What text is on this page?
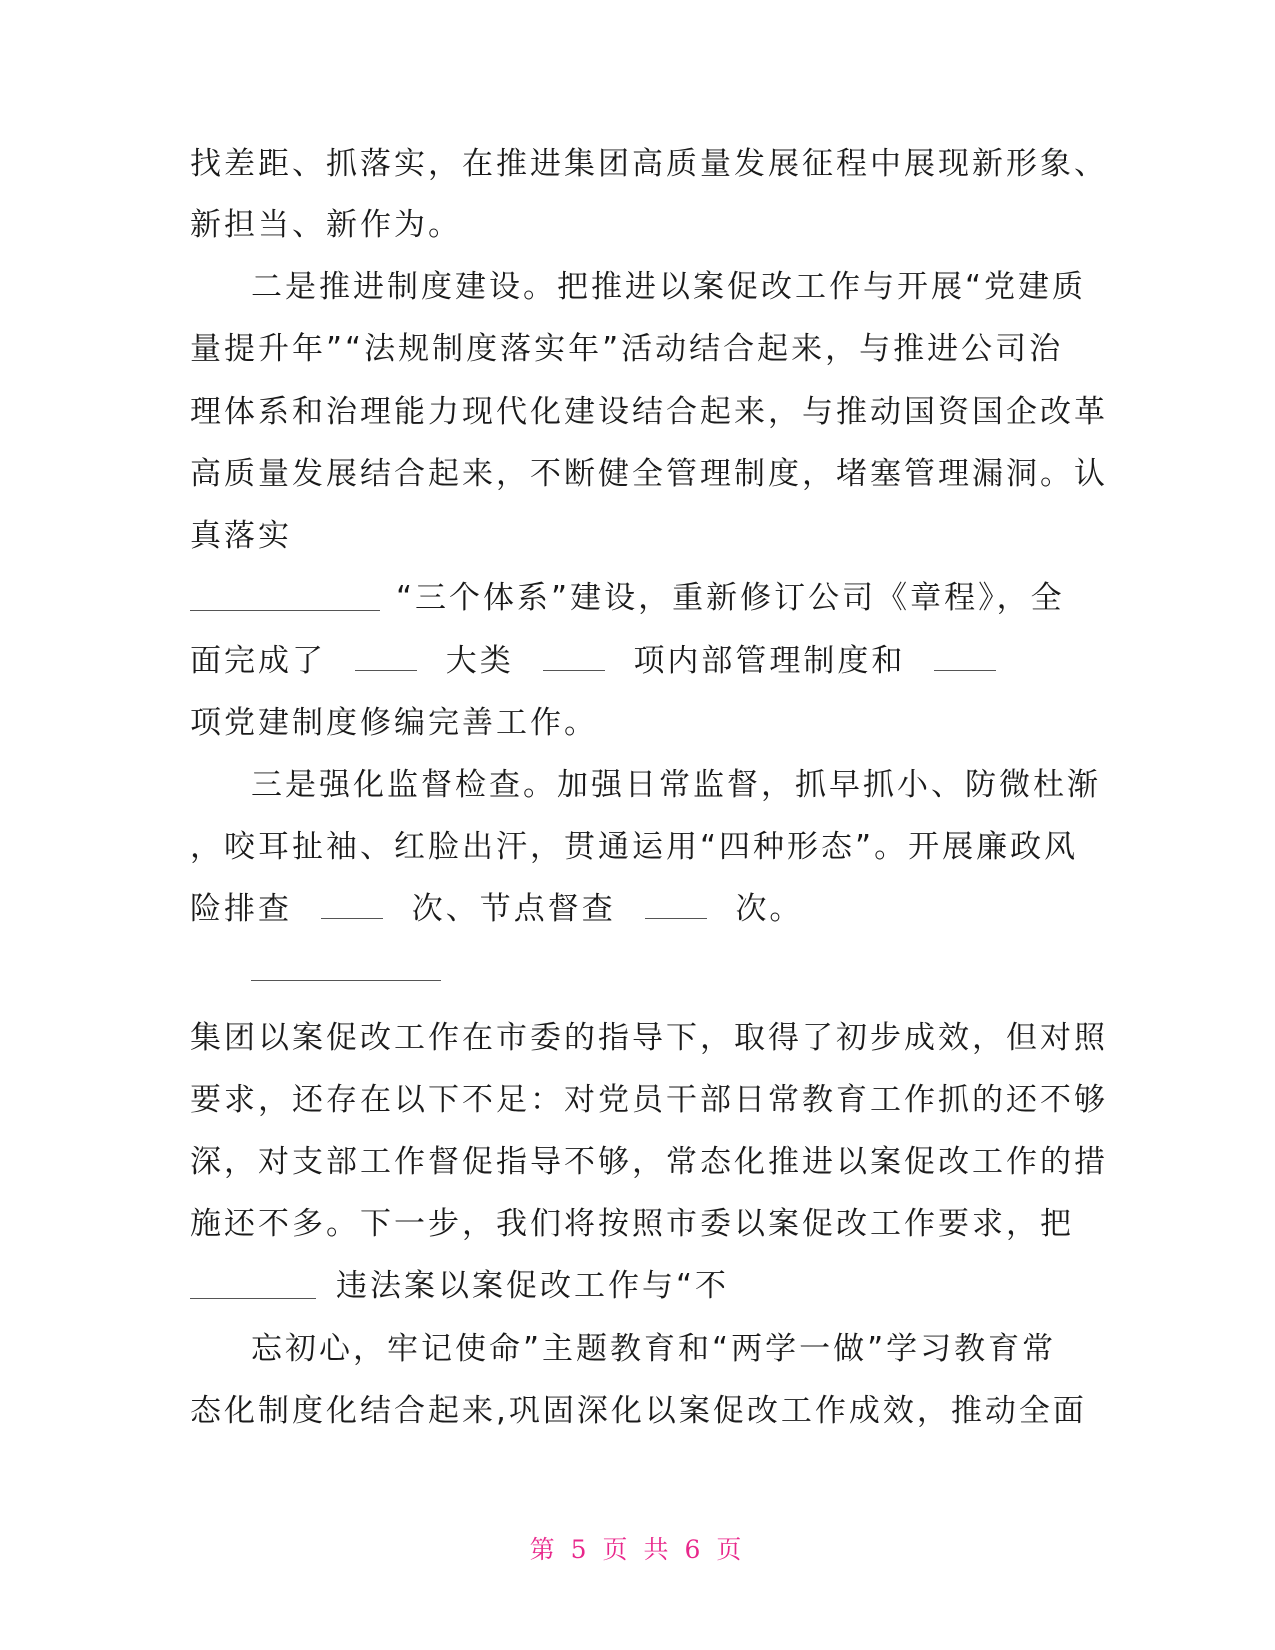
找差距、抓落实，在推进集团高质量发展征程中展现新形象、
新担当、新作为。
二是推进制度建设。把推进以案促改工作与开展“党建质
量提升年”“法规制度落实年”活动结合起来，与推进公司治
理体系和治理能力现代化建设结合起来，与推动国资国企改革
高质量发展结合起来，不断健全管理制度，堵塞管理漏洞。认
真落实
“三个体系”建设，重新修订公司《章程》，全
面完成了	大类	项内部管理制度和
项党建制度修编完善工作。
三是强化监督检查。加强日常监督，抓早抓小、防微杜渐
，咬耳扯袖、红脸出汗，贯通运用“四种形态”。开展廉政风
险排查	次、节点督查	次。
集团以案促改工作在市委的指导下，取得了初步成效，但对照
要求，还存在以下不足：对党员干部日常教育工作抓的还不够
深，对支部工作督促指导不够，常态化推进以案促改工作的措
施还不多。下一步，我们将按照市委以案促改工作要求，把
违法案以案促改工作与“不
忘初心，牢记使命”主题教育和“两学一做”学习教育常
态化制度化结合起来,巩固深化以案促改工作成效，推动全面
第 5 页 共 6 页
